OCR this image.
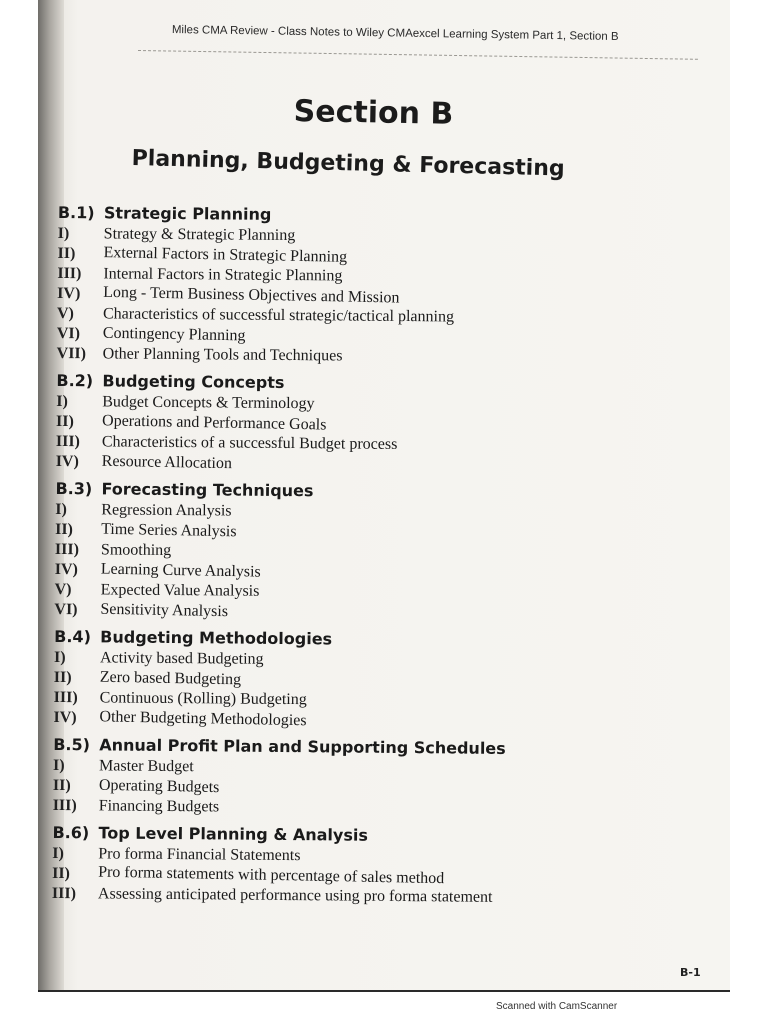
Miles CMA Review - Class Notes to Wiley CMAexcel Learning System Part 1, Section B
Section B
Planning, Budgeting & Forecasting
B.1) Strategic Planning
I)	Strategy & Strategic Planning
II)	External Factors in Strategic Planning
III)	Internal Factors in Strategic Planning
IV)	Long - Term Business Objectives and Mission
V)	Characteristics of successful strategic/tactical planning
VI)	Contingency Planning
VII)	Other Planning Tools and Techniques
B.2) Budgeting Concepts
I)	Budget Concepts & Terminology
II)	Operations and Performance Goals
III)	Characteristics of a successful Budget process
IV)	Resource Allocation
B.3) Forecasting Techniques
I)	Regression Analysis
II)	Time Series Analysis
III)	Smoothing
IV)	Learning Curve Analysis
V)	Expected Value Analysis
VI)	Sensitivity Analysis
B.4) Budgeting Methodologies
I)	Activity based Budgeting
II)	Zero based Budgeting
III)	Continuous (Rolling) Budgeting
IV)	Other Budgeting Methodologies
B.5) Annual Profit Plan and Supporting Schedules
I)	Master Budget
II)	Operating Budgets
III)	Financing Budgets
B.6) Top Level Planning & Analysis
I)	Pro forma Financial Statements
II)	Pro forma statements with percentage of sales method
III)	Assessing anticipated performance using pro forma statement
B-1
Scanned with CamScanner
